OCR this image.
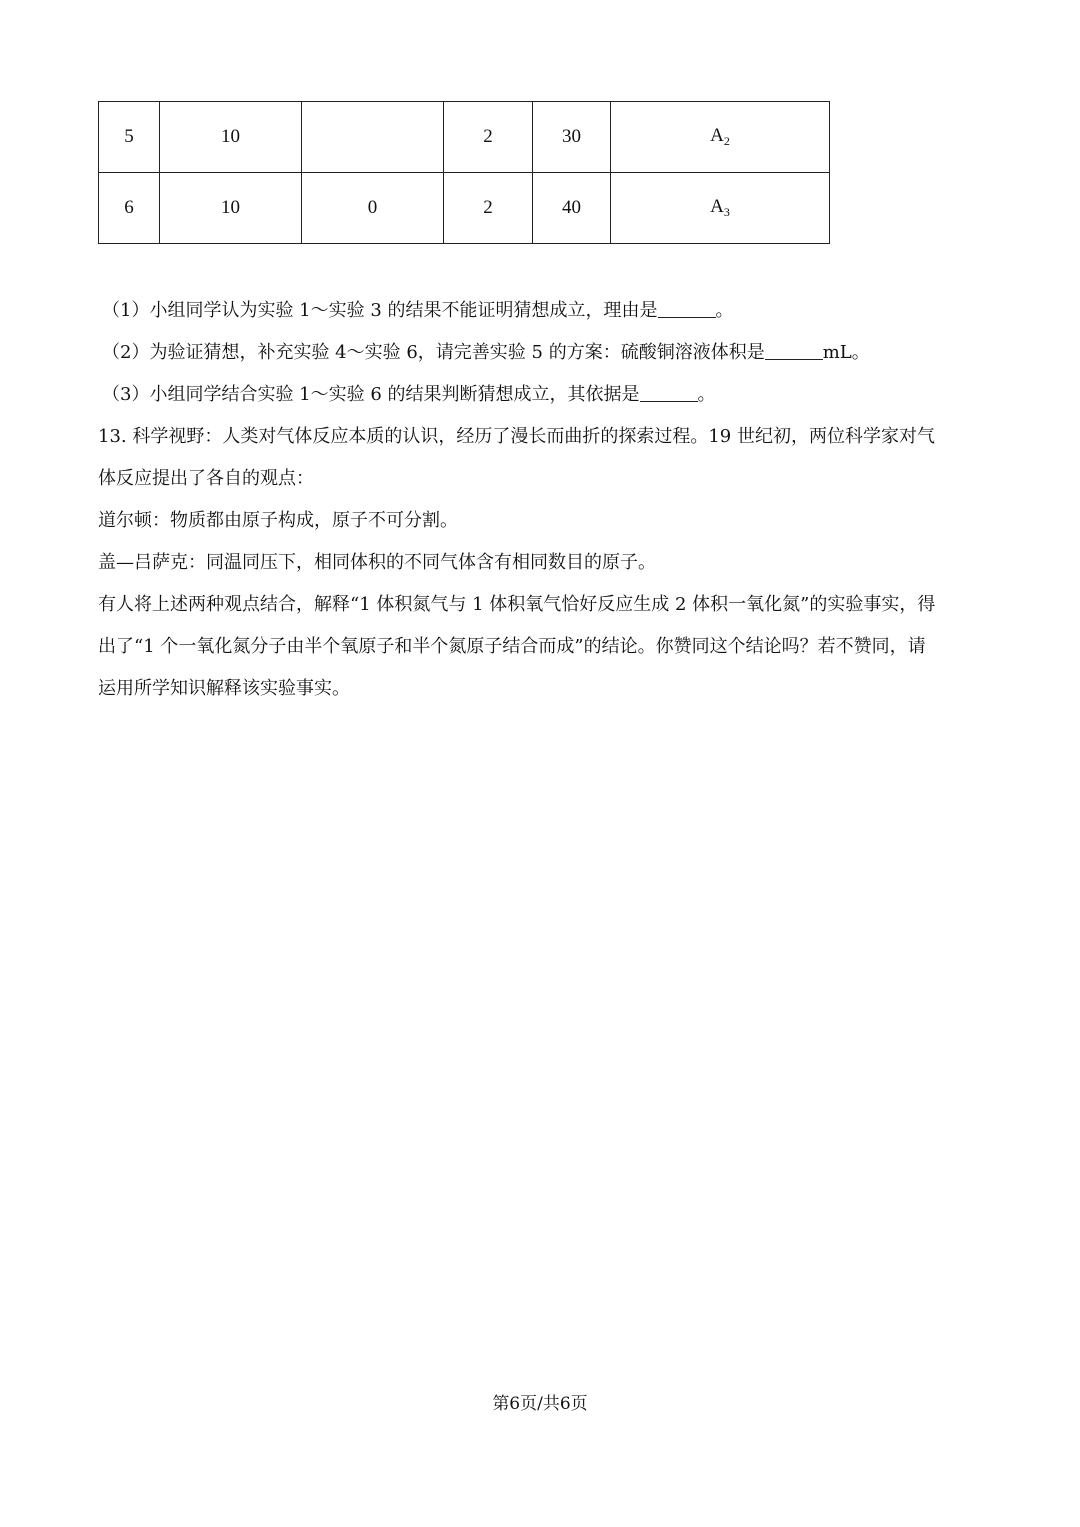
5	10		2	30	$A_2$
6	10	0	2	40	$A_3$
（1）小组同学认为实验 1～实验 3 的结果不能证明猜想成立，理由是	。
（2）为验证猜想，补充实验 4～实验 6，请完善实验 5 的方案：硫酸铜溶液体积是	mL。
（3）小组同学结合实验 1～实验 6 的结果判断猜想成立，其依据是	。
13. 科学视野：人类对气体反应本质的认识，经历了漫长而曲折的探索过程。19 世纪初，两位科学家对气
体反应提出了各自的观点：
道尔顿：物质都由原子构成，原子不可分割。
盖—吕萨克：同温同压下，相同体积的不同气体含有相同数目的原子。
有人将上述两种观点结合，解释“1 体积氮气与 1 体积氧气恰好反应生成 2 体积一氧化氮”的实验事实，得
出了“1 个一氧化氮分子由半个氧原子和半个氮原子结合而成”的结论。你赞同这个结论吗？若不赞同，请
运用所学知识解释该实验事实。
第6页/共6页
